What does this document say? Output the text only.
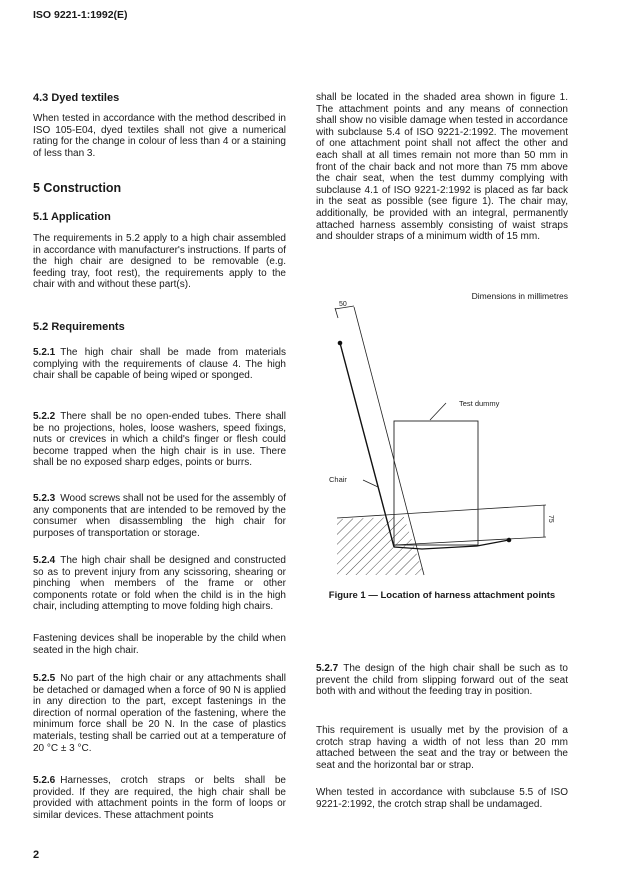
ISO 9221-1:1992(E)
4.3 Dyed textiles
When tested in accordance with the method described in ISO 105-E04, dyed textiles shall not give a numerical rating for the change in colour of less than 4 or a staining of less than 3.
5 Construction
5.1 Application
The requirements in 5.2 apply to a high chair assembled in accordance with manufacturer's instructions. If parts of the high chair are designed to be removable (e.g. feeding tray, foot rest), the requirements apply to the chair with and without these part(s).
5.2 Requirements
5.2.1 The high chair shall be made from materials complying with the requirements of clause 4. The high chair shall be capable of being wiped or sponged.
5.2.2 There shall be no open-ended tubes. There shall be no projections, holes, loose washers, speed fixings, nuts or crevices in which a child's finger or flesh could become trapped when the high chair is in use. There shall be no exposed sharp edges, points or burrs.
5.2.3 Wood screws shall not be used for the assembly of any components that are intended to be removed by the consumer when disassembling the high chair for purposes of transportation or storage.
5.2.4 The high chair shall be designed and constructed so as to prevent injury from any scissoring, shearing or pinching when members of the frame or other components rotate or fold when the child is in the high chair, including attempting to move folding high chairs.
Fastening devices shall be inoperable by the child when seated in the high chair.
5.2.5 No part of the high chair or any attachments shall be detached or damaged when a force of 90 N is applied in any direction to the part, except fastenings in the direction of normal operation of the fastening, where the minimum force shall be 20 N. In the case of plastics materials, testing shall be carried out at a temperature of 20 °C ± 3 °C.
5.2.6 Harnesses, crotch straps or belts shall be provided. If they are required, the high chair shall be provided with attachment points in the form of loops or similar devices. These attachment points
2
shall be located in the shaded area shown in figure 1. The attachment points and any means of connection shall show no visible damage when tested in accordance with subclause 5.4 of ISO 9221-2:1992. The movement of one attachment point shall not affect the other and each shall at all times remain not more than 50 mm in front of the chair back and not more than 75 mm above the chair seat, when the test dummy complying with subclause 4.1 of ISO 9221-2:1992 is placed as far back in the seat as possible (see figure 1). The chair may, additionally, be provided with an integral, permanently attached harness assembly consisting of waist straps and shoulder straps of a minimum width of 15 mm.
Dimensions in millimetres
50
Test dummy
Chair
75
Figure 1 — Location of harness attachment points
5.2.7 The design of the high chair shall be such as to prevent the child from slipping forward out of the seat both with and without the feeding tray in position.
This requirement is usually met by the provision of a crotch strap having a width of not less than 20 mm attached between the seat and the tray or between the seat and the horizontal bar or strap.
When tested in accordance with subclause 5.5 of ISO 9221-2:1992, the crotch strap shall be undamaged.
